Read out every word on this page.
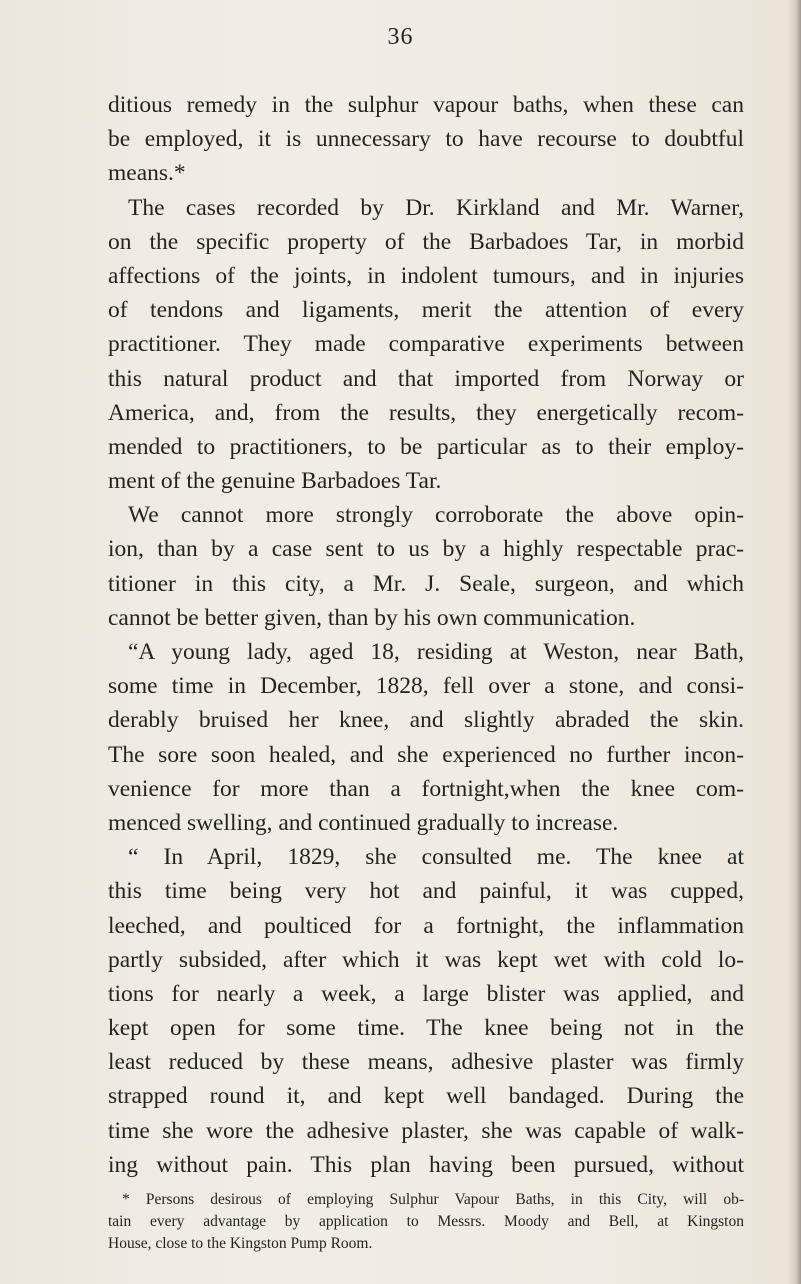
36
ditious remedy in the sulphur vapour baths, when these can
be employed, it is unnecessary to have recourse to doubtful
means.*
The cases recorded by Dr. Kirkland and Mr. Warner,
on the specific property of the Barbadoes Tar, in morbid
affections of the joints, in indolent tumours, and in injuries
of tendons and ligaments, merit the attention of every
practitioner. They made comparative experiments between
this natural product and that imported from Norway or
America, and, from the results, they energetically recom-
mended to practitioners, to be particular as to their employ-
ment of the genuine Barbadoes Tar.
We cannot more strongly corroborate the above opin-
ion, than by a case sent to us by a highly respectable prac-
titioner in this city, a Mr. J. Seale, surgeon, and which
cannot be better given, than by his own communication.
“A young lady, aged 18, residing at Weston, near Bath,
some time in December, 1828, fell over a stone, and consi-
derably bruised her knee, and slightly abraded the skin.
The sore soon healed, and she experienced no further incon-
venience for more than a fortnight,when the knee com-
menced swelling, and continued gradually to increase.
“ In April, 1829, she consulted me. The knee at
this time being very hot and painful, it was cupped,
leeched, and poulticed for a fortnight, the inflammation
partly subsided, after which it was kept wet with cold lo-
tions for nearly a week, a large blister was applied, and
kept open for some time. The knee being not in the
least reduced by these means, adhesive plaster was firmly
strapped round it, and kept well bandaged. During the
time she wore the adhesive plaster, she was capable of walk-
ing without pain. This plan having been pursued, without
* Persons desirous of employing Sulphur Vapour Baths, in this City, will ob-
tain every advantage by application to Messrs. Moody and Bell, at Kingston
House, close to the Kingston Pump Room.
